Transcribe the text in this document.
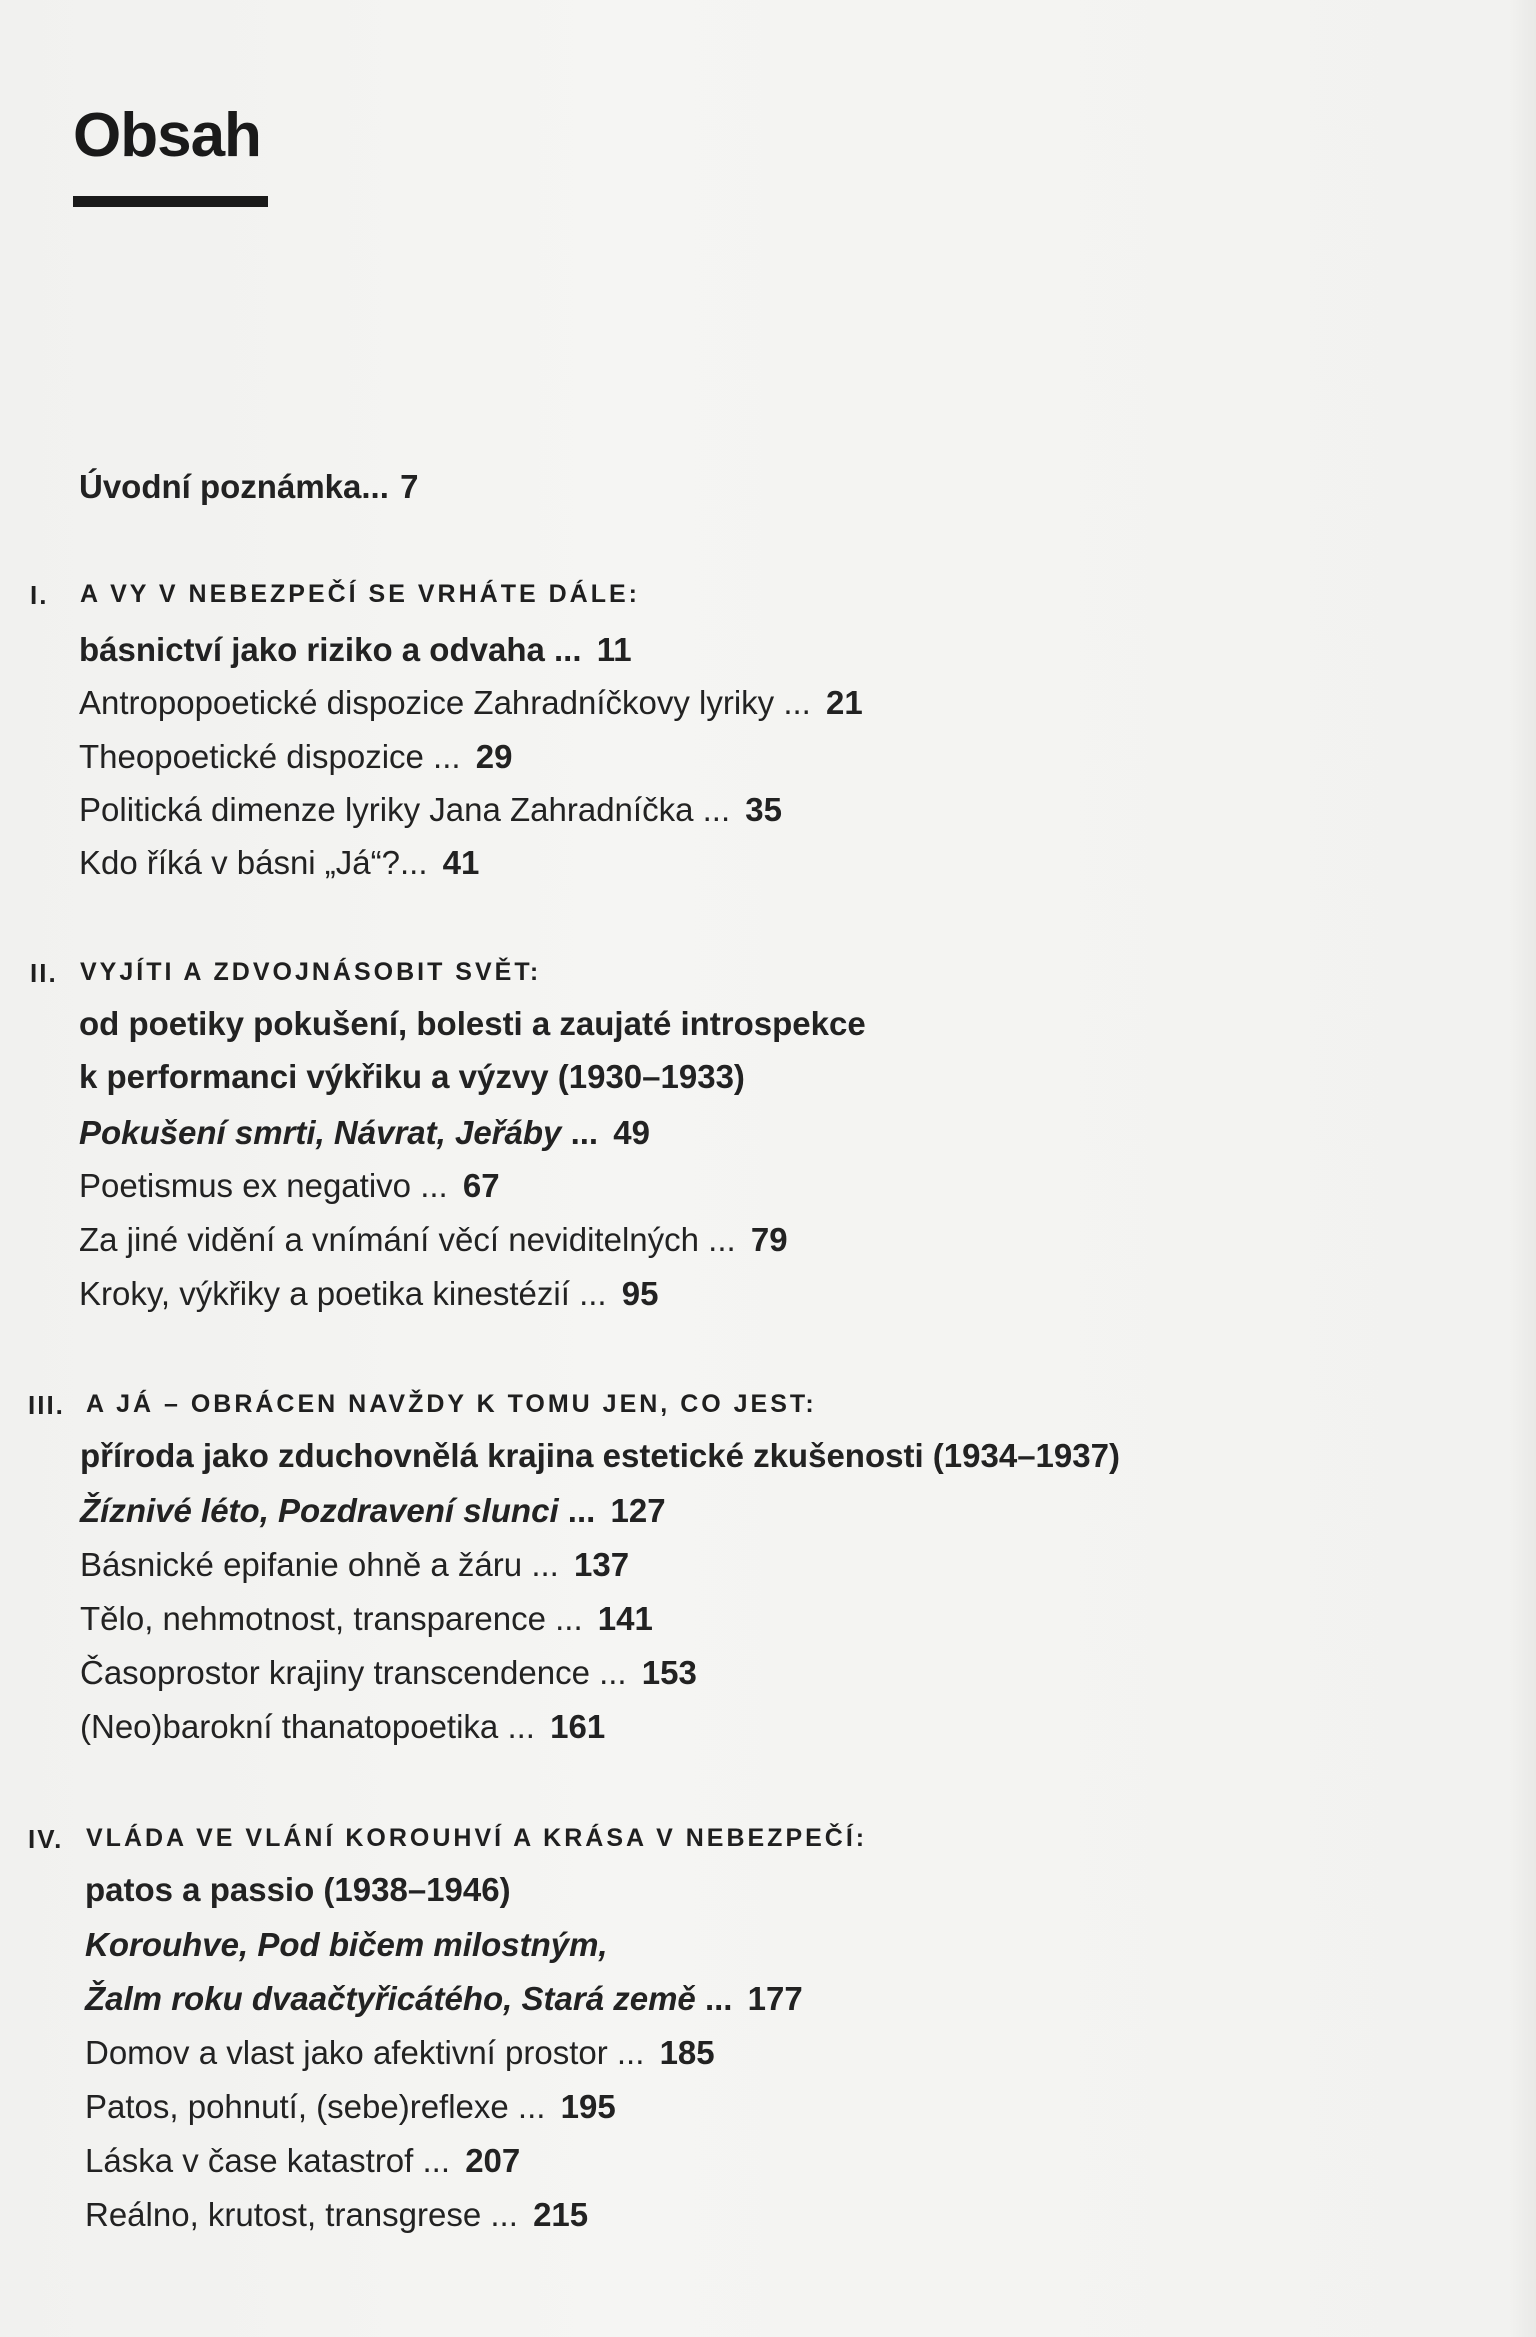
Obsah
Úvodní poznámka... 7
I. A VY V NEBEZPEČÍ SE VRHÁTE DÁLE:
básnictví jako riziko a odvaha ... 11
Antropopoetické dispozice Zahradníčkovy lyriky ... 21
Theopoetické dispozice ... 29
Politická dimenze lyriky Jana Zahradníčka ... 35
Kdo říká v básni „Já“?... 41
II. VYJÍTI A ZDVOJNÁSOBIT SVĚT:
od poetiky pokušení, bolesti a zaujaté introspekce
k performanci výkřiku a výzvy (1930–1933)
Pokušení smrti, Návrat, Jeřáby ... 49
Poetismus ex negativo ... 67
Za jiné vidění a vnímání věcí neviditelných ... 79
Kroky, výkřiky a poetika kinestézií ... 95
III. A JÁ – OBRÁCEN NAVŽDY K TOMU JEN, CO JEST:
příroda jako zduchovnělá krajina estetické zkušenosti (1934–1937)
Žíznivé léto, Pozdravení slunci ... 127
Básnické epifanie ohně a žáru ... 137
Tělo, nehmotnost, transparence ... 141
Časoprostor krajiny transcendence ... 153
(Neo)barokní thanatopoetika ... 161
IV. VLÁDA VE VLÁNÍ KOROUHVÍ A KRÁSA V NEBEZPEČÍ:
patos a passio (1938–1946)
Korouhve, Pod bičem milostným,
Žalm roku dvaačtyřicátého, Stará země ... 177
Domov a vlast jako afektivní prostor ... 185
Patos, pohnutí, (sebe)reflexe ... 195
Láska v čase katastrof ... 207
Reálno, krutost, transgrese ... 215
